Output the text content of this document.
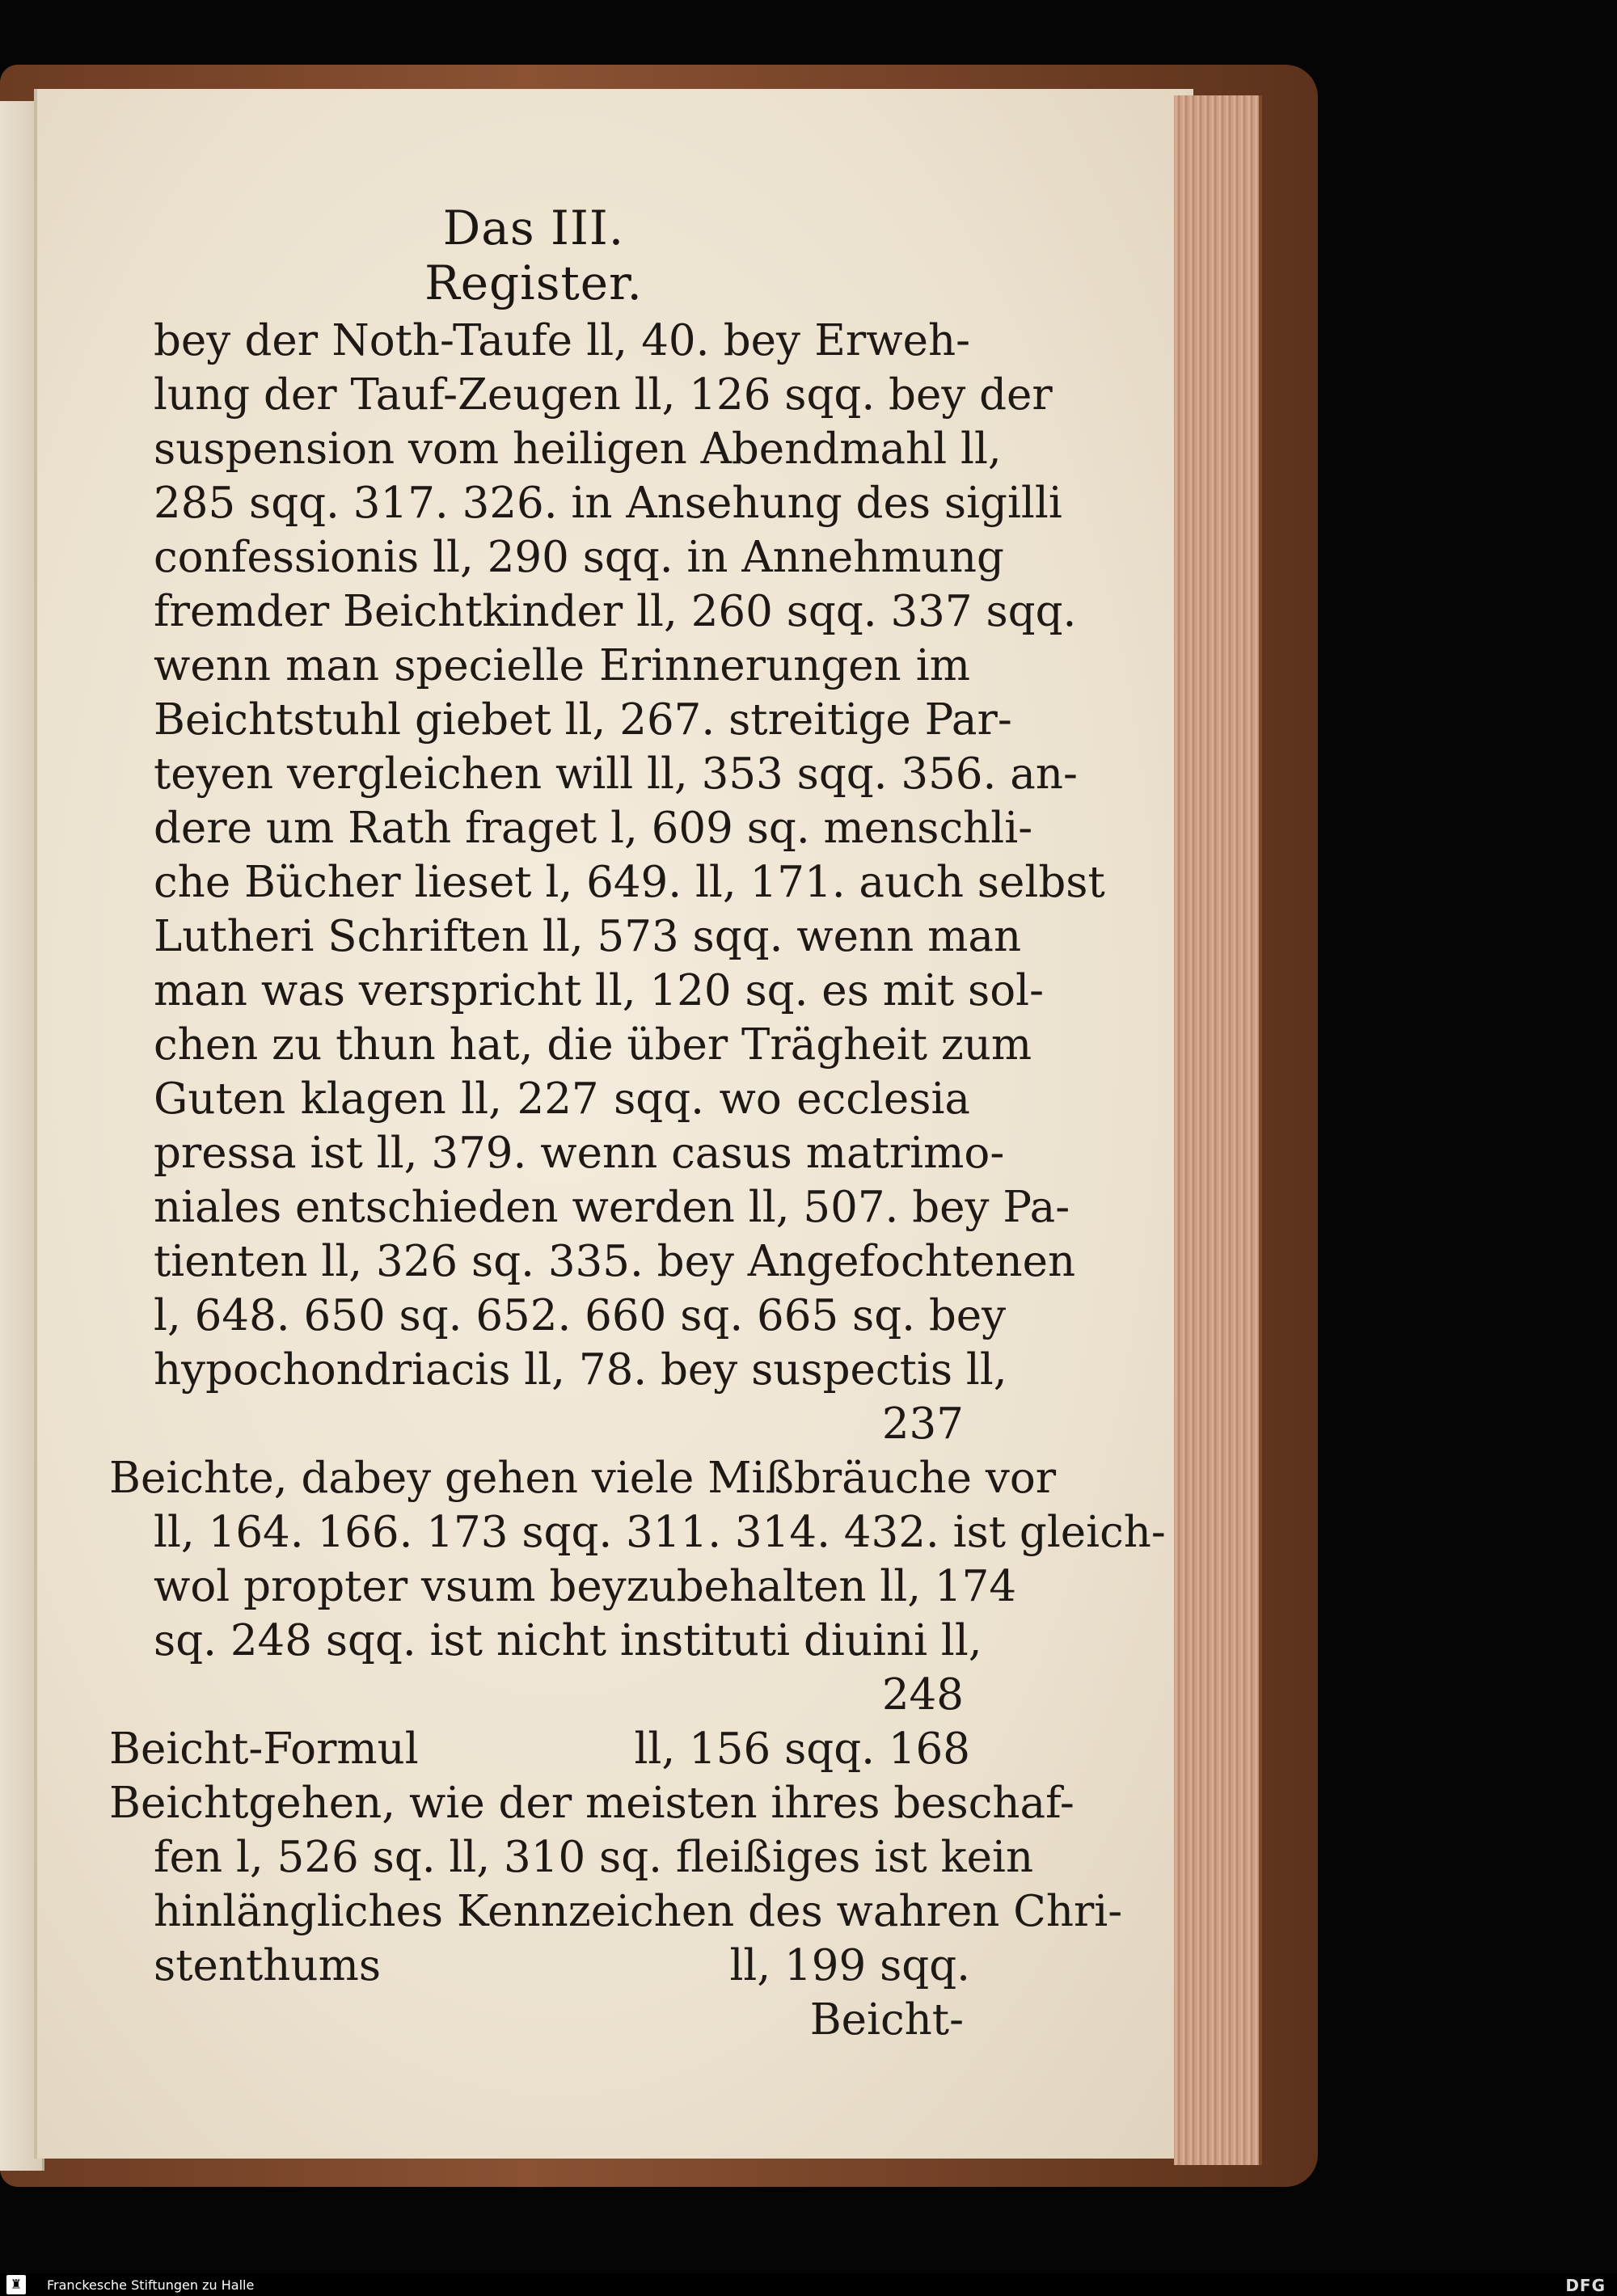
Das III. Register.
bey der Noth-Taufe ll, 40. bey Erweh-
lung der Tauf-Zeugen ll, 126 sqq. bey der
suspension vom heiligen Abendmahl ll,
285 sqq. 317. 326. in Ansehung des sigilli
confessionis ll, 290 sqq. in Annehmung
fremder Beichtkinder ll, 260 sqq. 337 sqq.
wenn man specielle Erinnerungen im
Beichtstuhl giebet ll, 267. streitige Par-
teyen vergleichen will ll, 353 sqq. 356. an-
dere um Rath fraget l, 609 sq. menschli-
che Bücher lieset l, 649. ll, 171. auch selbst
Lutheri Schriften ll, 573 sqq. wenn man
man was verspricht ll, 120 sq. es mit sol-
chen zu thun hat, die über Trägheit zum
Guten klagen ll, 227 sqq. wo ecclesia
pressa ist ll, 379. wenn casus matrimo-
niales entschieden werden ll, 507. bey Pa-
tienten ll, 326 sq. 335. bey Angefochtenen
l, 648. 650 sq. 652. 660 sq. 665 sq. bey
hypochondriacis ll, 78. bey suspectis ll,
237
Beichte, dabey gehen viele Mißbräuche vor
ll, 164. 166. 173 sqq. 311. 314. 432. ist gleich-
wol propter vsum beyzubehalten ll, 174
sq. 248 sqq. ist nicht instituti diuini ll,
248
Beicht-Formul	ll, 156 sqq. 168
Beichtgehen, wie der meisten ihres beschaf-
fen l, 526 sq. ll, 310 sq. fleißiges ist kein
hinlängliches Kennzeichen des wahren Chri-
stenthums	ll, 199 sqq.
Beicht-
♜	Franckesche Stiftungen zu Halle	DFG
